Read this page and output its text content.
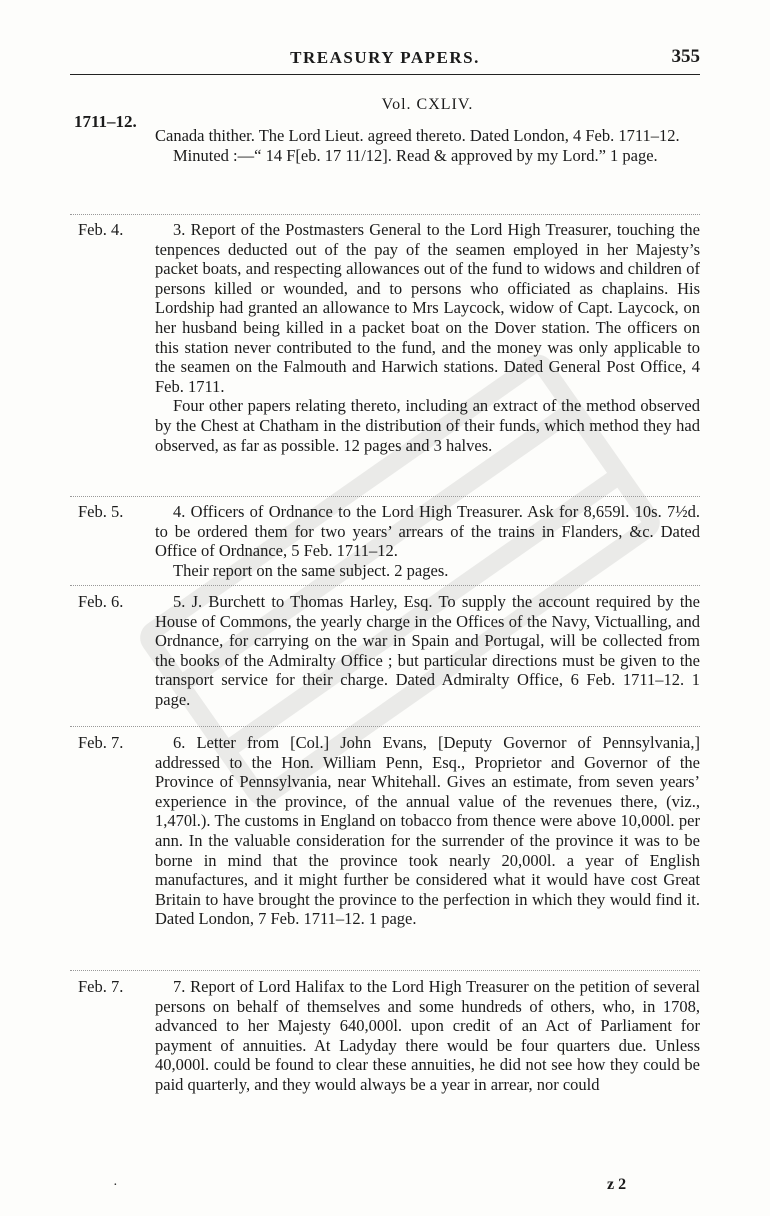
TREASURY PAPERS.	355
1711–12.
Vol. CXLIV.

Canada thither. The Lord Lieut. agreed thereto. Dated London, 4 Feb. 1711–12.

Minuted :—“ 14 F[eb. 17 11/12]. Read & approved by my Lord.” 1 page.

Feb. 4.	3. Report of the Postmasters General to the Lord High Treasurer, touching the tenpences deducted out of the pay of the seamen employed in her Majesty’s packet boats, and respecting allowances out of the fund to widows and children of persons killed or wounded, and to persons who officiated as chaplains. His Lordship had granted an allowance to Mrs Laycock, widow of Capt. Laycock, on her husband being killed in a packet boat on the Dover station. The officers on this station never contributed to the fund, and the money was only applicable to the seamen on the Falmouth and Harwich stations. Dated General Post Office, 4 Feb. 1711.

Four other papers relating thereto, including an extract of the method observed by the Chest at Chatham in the distribution of their funds, which method they had observed, as far as possible. 12 pages and 3 halves.

Feb. 5.	4. Officers of Ordnance to the Lord High Treasurer. Ask for 8,659l. 10s. 7½d. to be ordered them for two years’ arrears of the trains in Flanders, &c. Dated Office of Ordnance, 5 Feb. 1711–12.

Their report on the same subject. 2 pages.

Feb. 6.	5. J. Burchett to Thomas Harley, Esq. To supply the account required by the House of Commons, the yearly charge in the Offices of the Navy, Victualling, and Ordnance, for carrying on the war in Spain and Portugal, will be collected from the books of the Admiralty Office ; but particular directions must be given to the transport service for their charge. Dated Admiralty Office, 6 Feb. 1711–12. 1 page.

Feb. 7.	6. Letter from [Col.] John Evans, [Deputy Governor of Pennsylvania,] addressed to the Hon. William Penn, Esq., Proprietor and Governor of the Province of Pennsylvania, near Whitehall. Gives an estimate, from seven years’ experience in the province, of the annual value of the revenues there, (viz., 1,470l.). The customs in England on tobacco from thence were above 10,000l. per ann. In the valuable consideration for the surrender of the province it was to be borne in mind that the province took nearly 20,000l. a year of English manufactures, and it might further be considered what it would have cost Great Britain to have brought the province to the perfection in which they would find it. Dated London, 7 Feb. 1711–12. 1 page.

Feb. 7.	7. Report of Lord Halifax to the Lord High Treasurer on the petition of several persons on behalf of themselves and some hundreds of others, who, in 1708, advanced to her Majesty 640,000l. upon credit of an Act of Parliament for payment of annuities. At Ladyday there would be four quarters due. Unless 40,000l. could be found to clear these annuities, he did not see how they could be paid quarterly, and they would always be a year in arrear, nor could

·	z 2
